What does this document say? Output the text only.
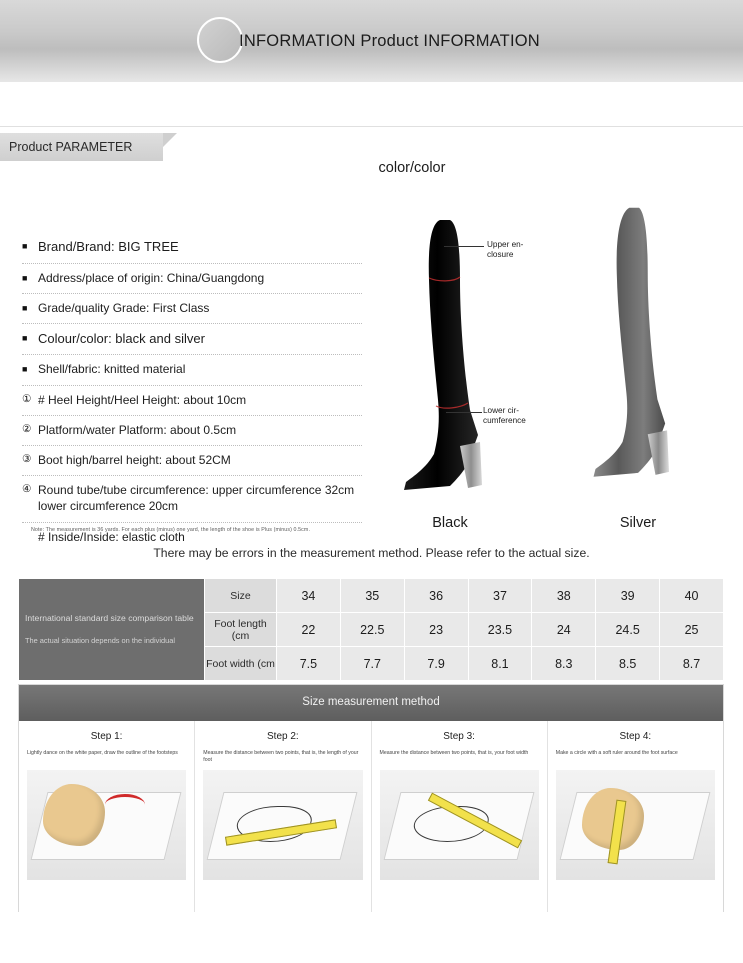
INFORMATION Product INFORMATION
Product PARAMETER
color/color
■ Brand/Brand: BIG TREE
■ Address/place of origin: China/Guangdong
■ Grade/quality Grade: First Class
■ Colour/color: black and silver
■ Shell/fabric: knitted material
① # Heel Height/Heel Height: about 10cm
② Platform/water Platform: about 0.5cm
③ Boot high/barrel height: about 52CM
④ Round tube/tube circumference: upper circumference 32cm lower circumference 20cm
# Inside/Inside: elastic cloth
Note: The measurement is 36 yards. For each plus (minus) one yard, the length of the shoe is Plus (minus) 0.5cm.
Upper en-closure
Lower cir-cumference
Black	Silver
There may be errors in the measurement method. Please refer to the actual size.
International standard size comparison table
The actual situation depends on the individual	Size	34	35	36	37	38	39	40
	Foot length (cm	22	22.5	23	23.5	24	24.5	25
	Foot width (cm	7.5	7.7	7.9	8.1	8.3	8.5	8.7
Size measurement method
Step 1:
Lightly dance on the white paper, draw the outline of the footsteps
Step 2:
Measure the distance between two points, that is, the length of your foot
Step 3:
Measure the distance between two points, that is, your foot width
Step 4:
Make a circle with a soft ruler around the foot surface
